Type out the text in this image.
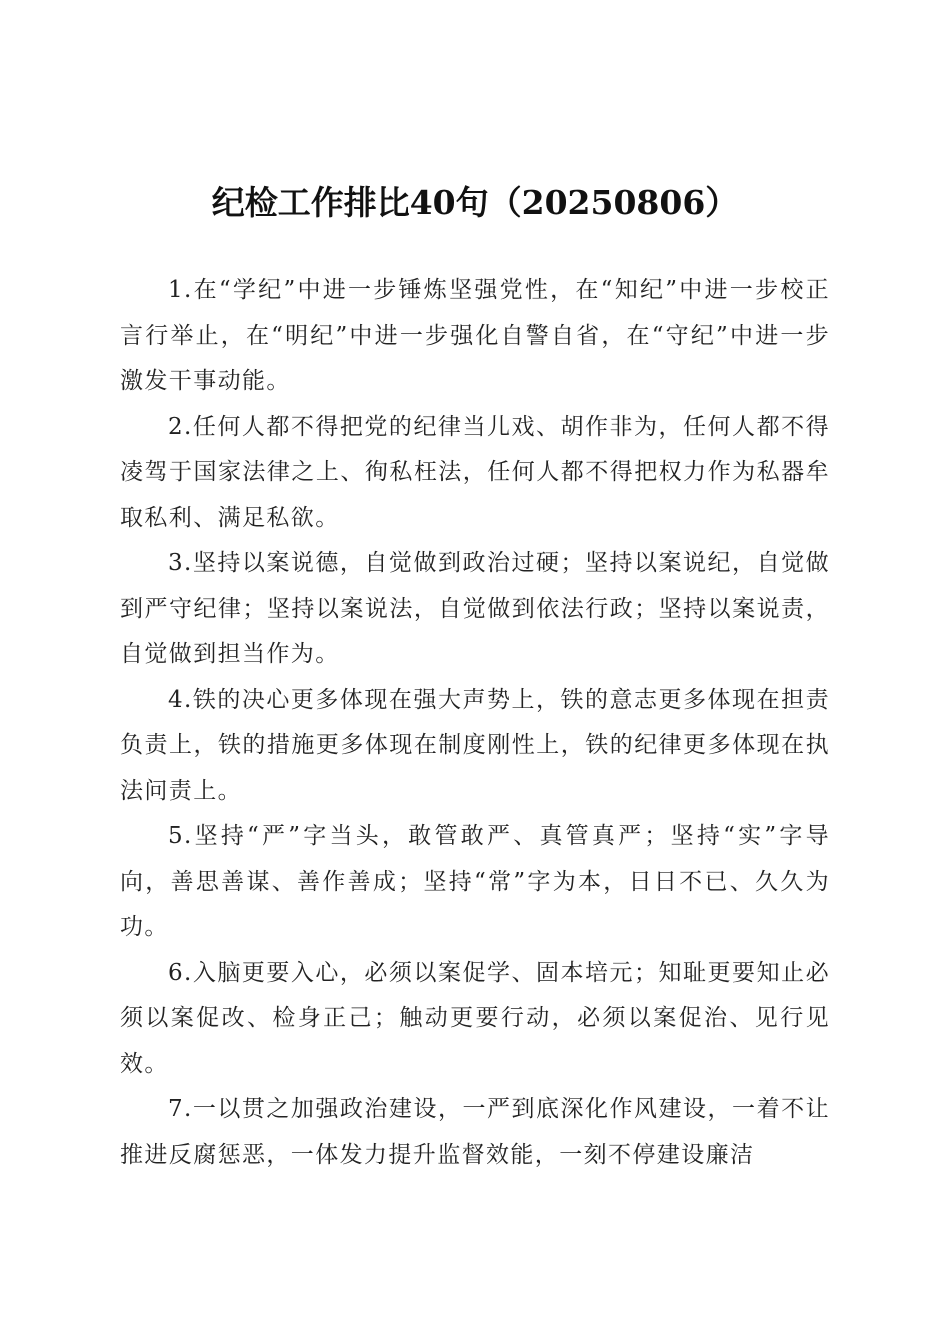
纪检工作排比40句（20250806）

1.在“学纪”中进一步锤炼坚强党性，在“知纪”中进一步校正言行举止，在“明纪”中进一步强化自警自省，在“守纪”中进一步激发干事动能。

2.任何人都不得把党的纪律当儿戏、胡作非为，任何人都不得凌驾于国家法律之上、徇私枉法，任何人都不得把权力作为私器牟取私利、满足私欲。

3.坚持以案说德，自觉做到政治过硬；坚持以案说纪，自觉做到严守纪律；坚持以案说法，自觉做到依法行政；坚持以案说责，自觉做到担当作为。

4.铁的决心更多体现在强大声势上，铁的意志更多体现在担责负责上，铁的措施更多体现在制度刚性上，铁的纪律更多体现在执法问责上。

5.坚持“严”字当头，敢管敢严、真管真严；坚持“实”字导向，善思善谋、善作善成；坚持“常”字为本，日日不已、久久为功。

6.入脑更要入心，必须以案促学、固本培元；知耻更要知止必须以案促改、检身正己；触动更要行动，必须以案促治、见行见效。

7.一以贯之加强政治建设，一严到底深化作风建设，一着不让推进反腐惩恶，一体发力提升监督效能，一刻不停建设廉洁
